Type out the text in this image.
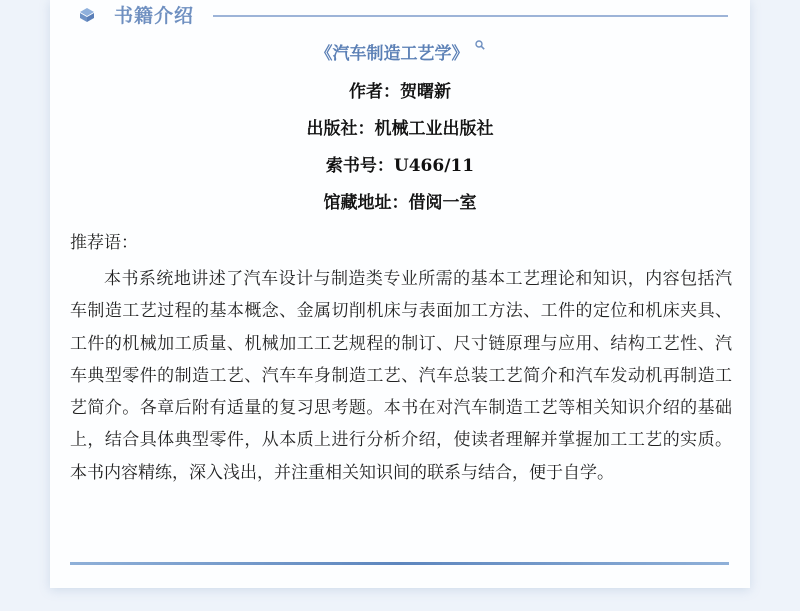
书籍介绍
《汽车制造工艺学》
作者：贺曙新
出版社：机械工业出版社
索书号：U466/11
馆藏地址：借阅一室
推荐语：

本书系统地讲述了汽车设计与制造类专业所需的基本工艺理论和知识，内容包括汽车制造工艺过程的基本概念、金属切削机床与表面加工方法、工件的定位和机床夹具、工件的机械加工质量、机械加工工艺规程的制订、尺寸链原理与应用、结构工艺性、汽车典型零件的制造工艺、汽车车身制造工艺、汽车总装工艺简介和汽车发动机再制造工艺简介。各章后附有适量的复习思考题。本书在对汽车制造工艺等相关知识介绍的基础上，结合具体典型零件，从本质上进行分析介绍，使读者理解并掌握加工工艺的实质。本书内容精练，深入浅出，并注重相关知识间的联系与结合，便于自学。
